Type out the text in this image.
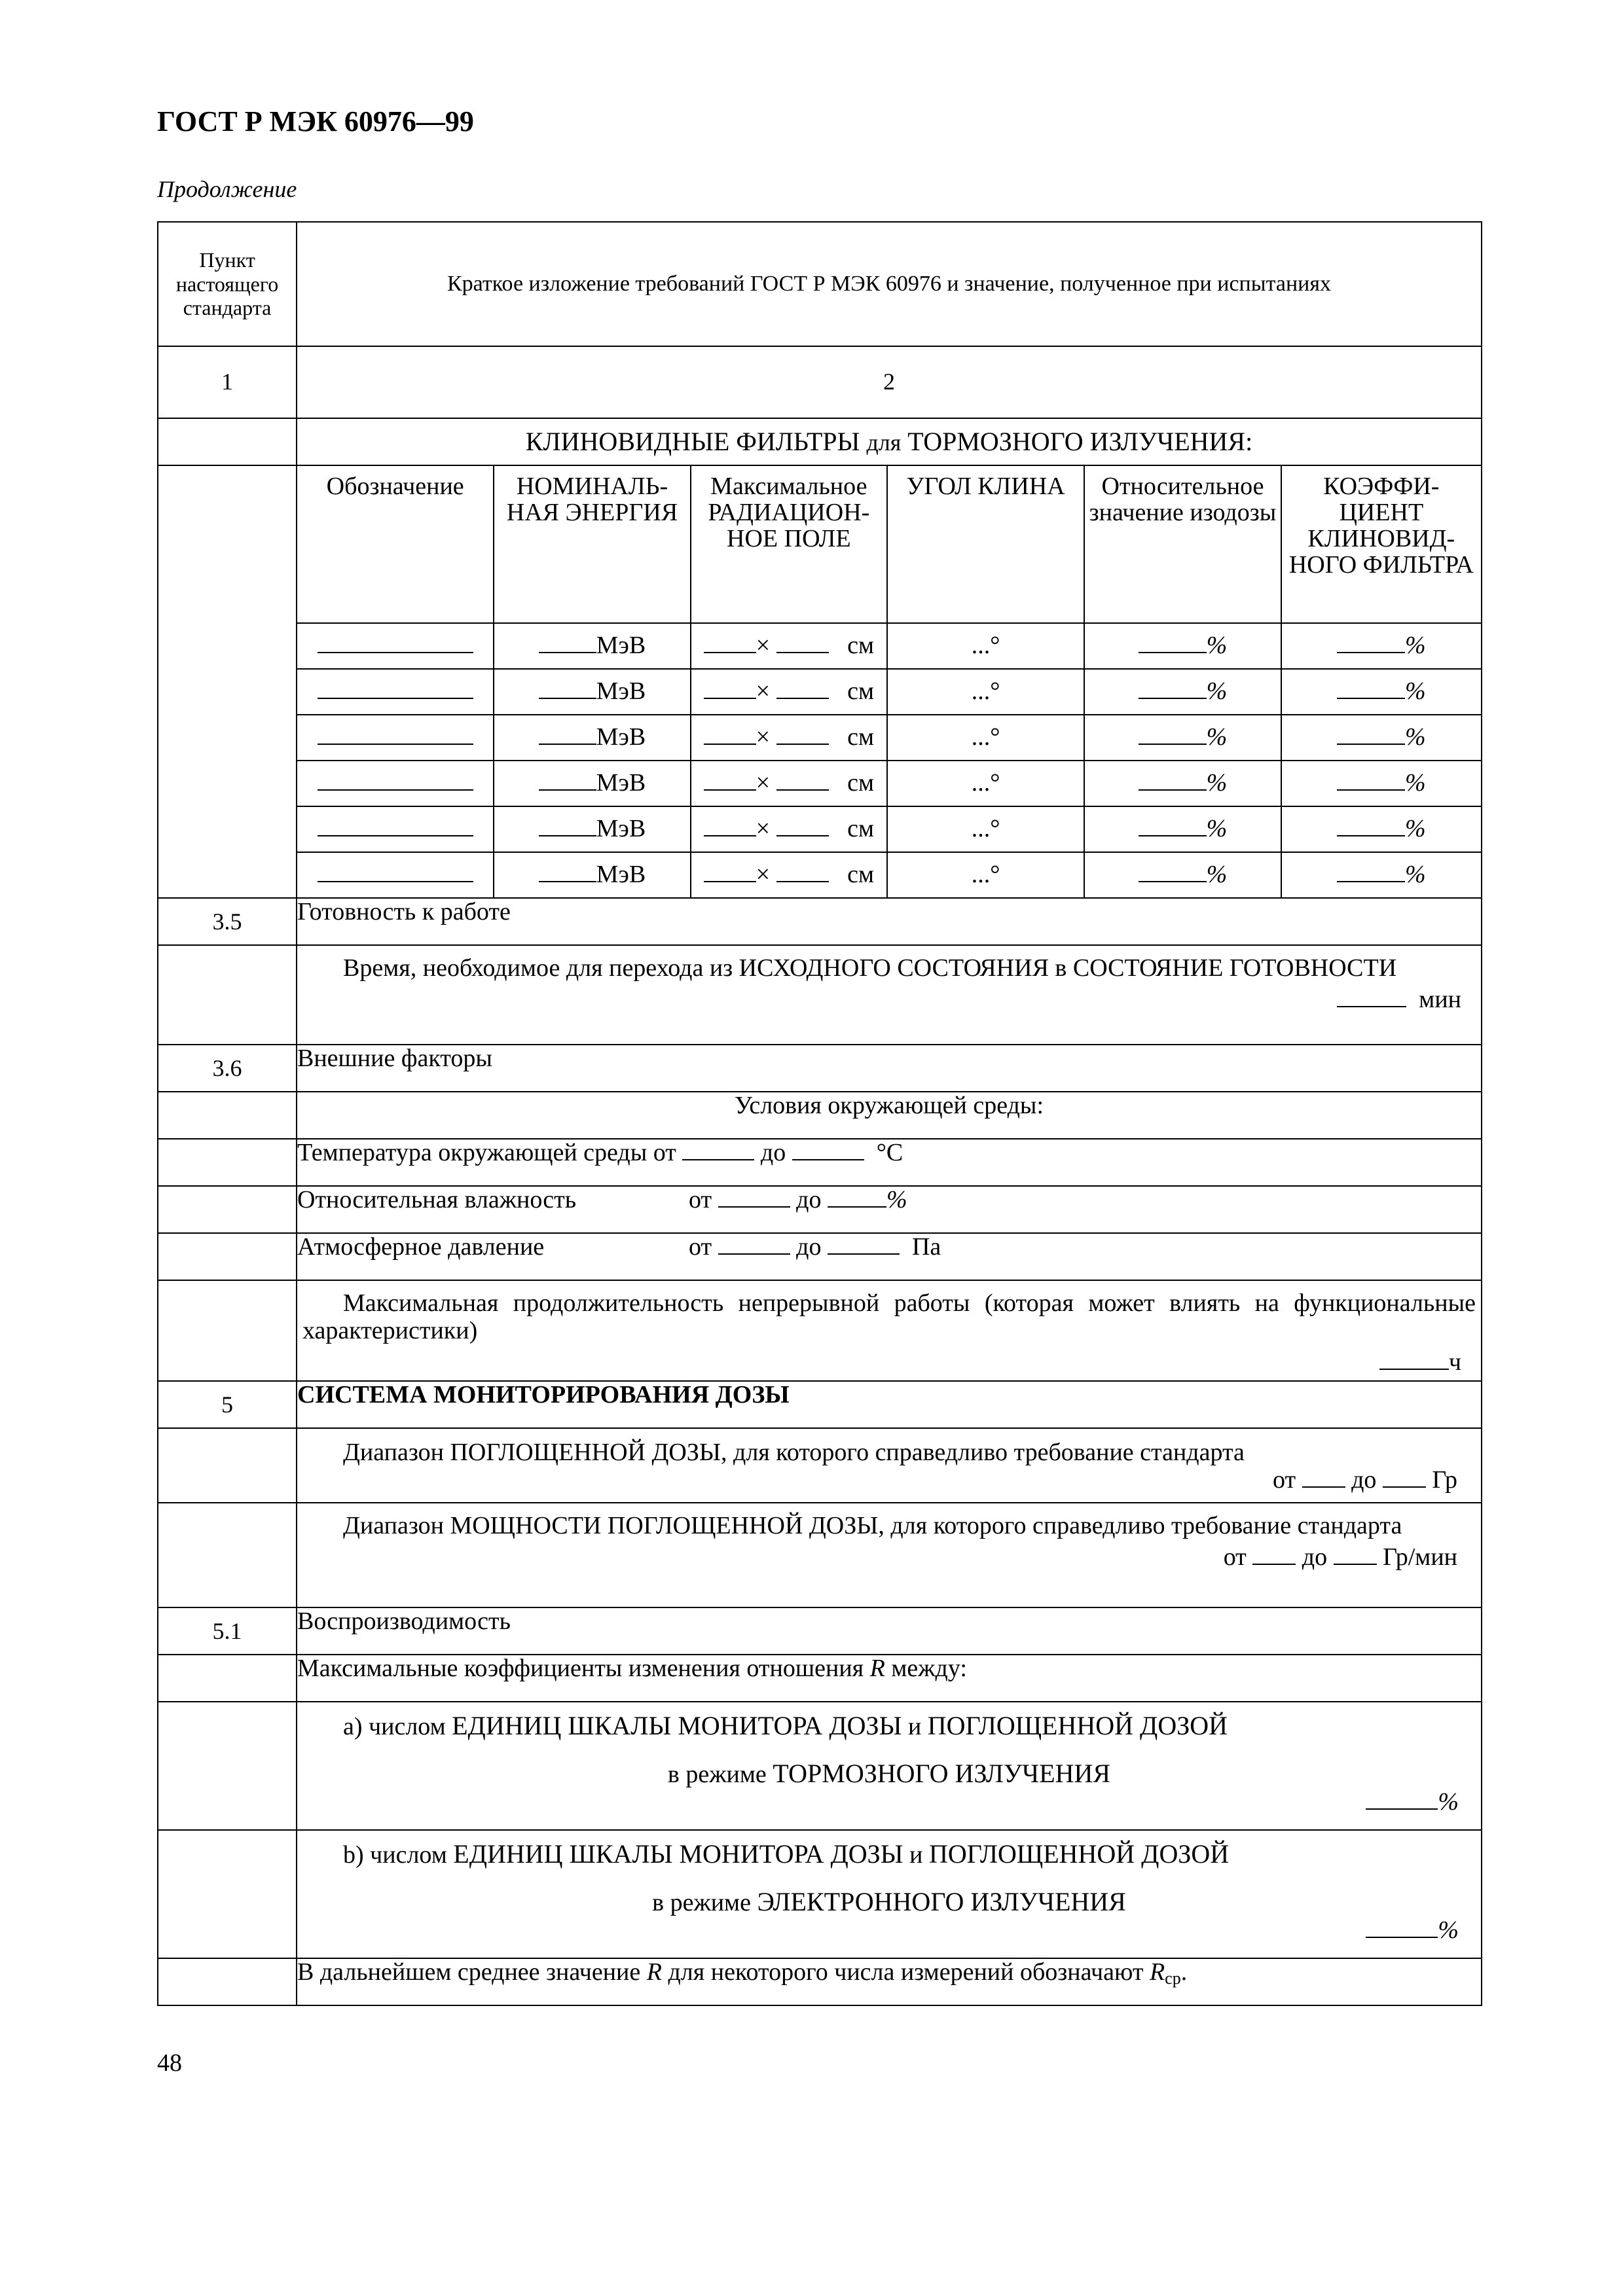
ГОСТ Р МЭК 60976—99
Продолжение
Пункт настоящего стандарта	Краткое изложение требований ГОСТ Р МЭК 60976 и значение, полученное при испытаниях
1	2
	КЛИНОВИДНЫЕ ФИЛЬТРЫ для ТОРМОЗНОГО ИЗЛУЧЕНИЯ:

Обозначение	НОМИНАЛЬ-НАЯ ЭНЕРГИЯ	Максимальное РАДИАЦИОН-НОЕ ПОЛЕ	УГОЛ КЛИНА	Относительное значение изодозы	КОЭФФИ-ЦИЕНТ КЛИНОВИД-НОГО ФИЛЬТРА
	МэВ	×	см	...°	%	%
	МэВ	×	см	...°	%	%
	МэВ	×	см	...°	%	%
	МэВ	×	см	...°	%	%
	МэВ	×	см	...°	%	%
	МэВ	×	см	...°	%	%

3.5	Готовность к работе

Время, необходимое для перехода из ИСХОДНОГО СОСТОЯНИЯ в СОСТОЯНИЕ ГОТОВНОСТИ
мин

3.6	Внешние факторы
	Условия окружающей среды:
	Температура окружающей среды от	до	°С
	Относительная влажность	от	до	%
	Атмосферное давление	от	до	Па

Максимальная продолжительность непрерывной работы (которая может влиять на функциональные характеристики)
ч

5	СИСТЕМА МОНИТОРИРОВАНИЯ ДОЗЫ

Диапазон ПОГЛОЩЕННОЙ ДОЗЫ, для которого справедливо требование стандарта
от до Гр

Диапазон МОЩНОСТИ ПОГЛОЩЕННОЙ ДОЗЫ, для которого справедливо требование стандарта
от до Гр/мин

5.1	Воспроизводимость
	Максимальные коэффициенты изменения отношения R между:

а) числом ЕДИНИЦ ШКАЛЫ МОНИТОРА ДОЗЫ и ПОГЛОЩЕННОЙ ДОЗОЙ
в режиме ТОРМОЗНОГО ИЗЛУЧЕНИЯ
%

b) числом ЕДИНИЦ ШКАЛЫ МОНИТОРА ДОЗЫ и ПОГЛОЩЕННОЙ ДОЗОЙ
в режиме ЭЛЕКТРОННОГО ИЗЛУЧЕНИЯ
%

	В дальнейшем среднее значение R для некоторого числа измерений обозначают $R_{ср}$.
48
